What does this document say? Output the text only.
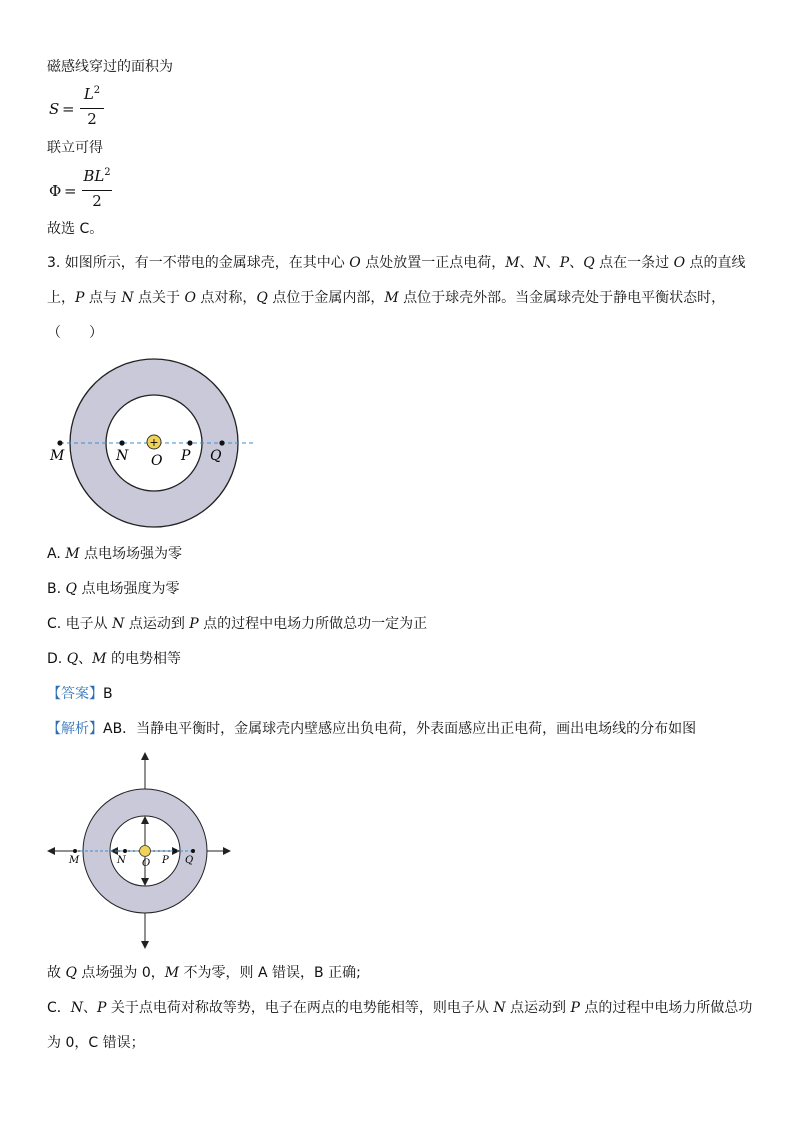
磁感线穿过的面积为
S =
$L^2$
2
联立可得
Φ =
$BL^2$
2
故选 C。
3. 如图所示，有一不带电的金属球壳，在其中心 O 点处放置一正点电荷，M、N、P、Q 点在一条过 O 点的直线
上，P 点与 N 点关于 O 点对称，Q 点位于金属内部，M 点位于球壳外部。当金属球壳处于静电平衡状态时，
（　　）
+
M	N O P Q
A. M 点电场场强为零
B. Q 点电场强度为零
C. 电子从 N 点运动到 P 点的过程中电场力所做总功一定为正
D. Q、M 的电势相等
【答案】B
【解析】AB．当静电平衡时，金属球壳内壁感应出负电荷，外表面感应出正电荷，画出电场线的分布如图
M	N O P Q
故 Q 点场强为 0，M 不为零，则 A 错误，B 正确;
C．N、P 关于点电荷对称故等势，电子在两点的电势能相等，则电子从 N 点运动到 P 点的过程中电场力所做总功
为 0，C 错误；
